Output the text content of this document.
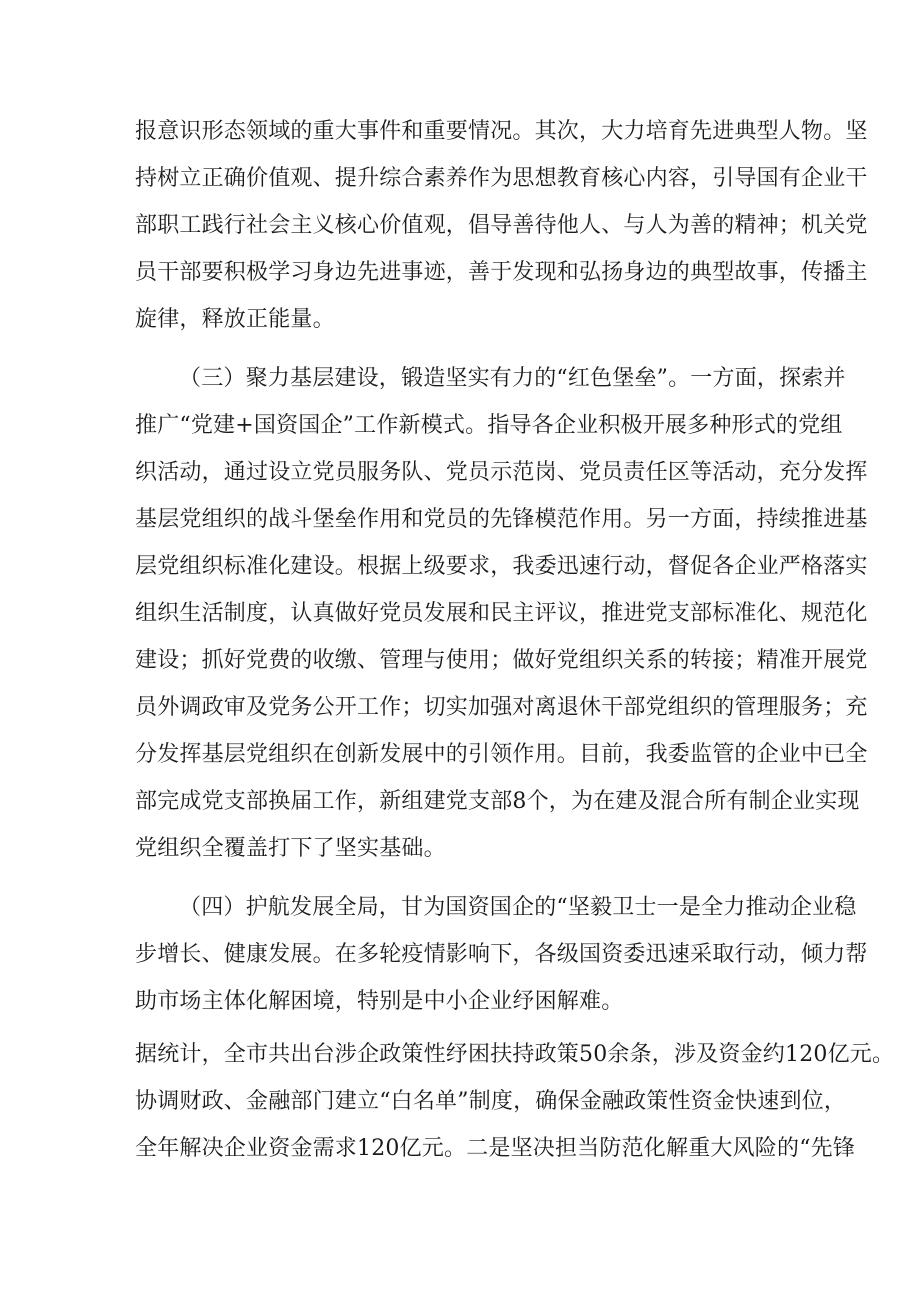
报意识形态领域的重大事件和重要情况。其次，大力培育先进典型人物。坚
持树立正确价值观、提升综合素养作为思想教育核心内容，引导国有企业干
部职工践行社会主义核心价值观，倡导善待他人、与人为善的精神；机关党
员干部要积极学习身边先进事迹，善于发现和弘扬身边的典型故事，传播主
旋律，释放正能量。
（三）聚力基层建设，锻造坚实有力的“红色堡垒”。一方面，探索并
推广“党建+国资国企”工作新模式。指导各企业积极开展多种形式的党组
织活动，通过设立党员服务队、党员示范岗、党员责任区等活动，充分发挥
基层党组织的战斗堡垒作用和党员的先锋模范作用。另一方面，持续推进基
层党组织标准化建设。根据上级要求，我委迅速行动，督促各企业严格落实
组织生活制度，认真做好党员发展和民主评议，推进党支部标准化、规范化
建设；抓好党费的收缴、管理与使用；做好党组织关系的转接；精准开展党
员外调政审及党务公开工作；切实加强对离退休干部党组织的管理服务；充
分发挥基层党组织在创新发展中的引领作用。目前，我委监管的企业中已全
部完成党支部换届工作，新组建党支部8个，为在建及混合所有制企业实现
党组织全覆盖打下了坚实基础。
（四）护航发展全局，甘为国资国企的“坚毅卫士一是全力推动企业稳
步增长、健康发展。在多轮疫情影响下，各级国资委迅速采取行动，倾力帮
助市场主体化解困境，特别是中小企业纾困解难。
据统计，全市共出台涉企政策性纾困扶持政策50余条，涉及资金约120亿元。
协调财政、金融部门建立“白名单”制度，确保金融政策性资金快速到位，
全年解决企业资金需求120亿元。二是坚决担当防范化解重大风险的“先锋
